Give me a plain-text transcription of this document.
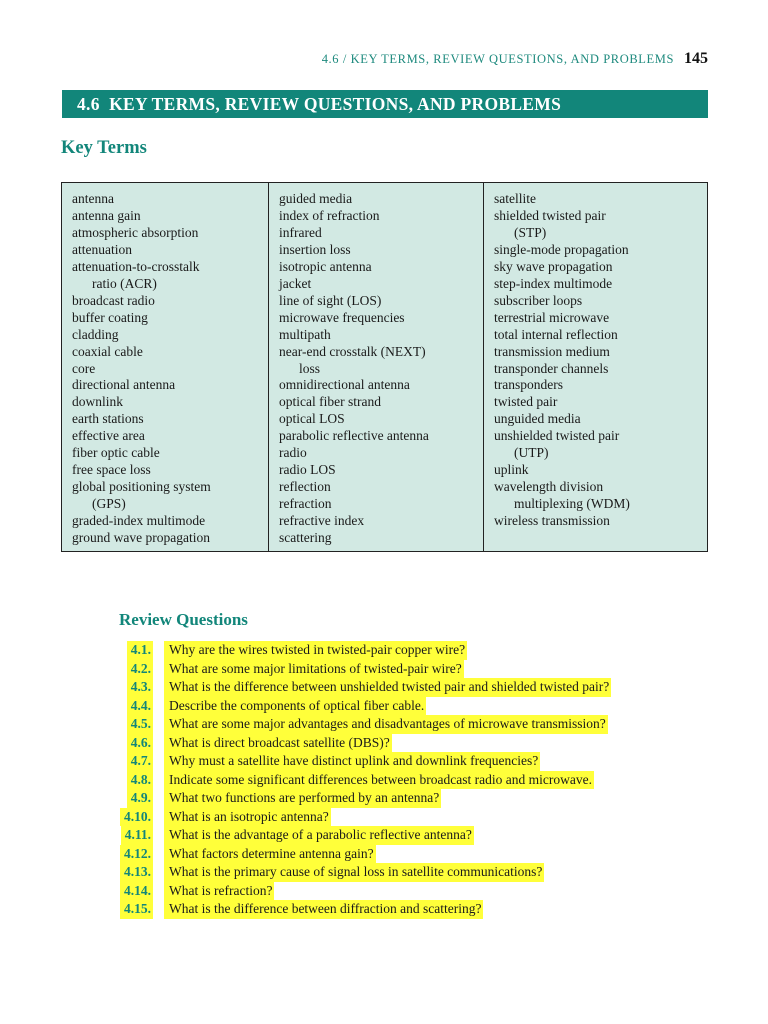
4.6 / KEY TERMS, REVIEW QUESTIONS, AND PROBLEMS 145
4.6  KEY TERMS, REVIEW QUESTIONS, AND PROBLEMS
Key Terms
antenna
antenna gain
atmospheric absorption
attenuation
attenuation-to-crosstalk
ratio (ACR)
broadcast radio
buffer coating
cladding
coaxial cable
core
directional antenna
downlink
earth stations
effective area
fiber optic cable
free space loss
global positioning system
(GPS)
graded-index multimode
ground wave propagation
guided media
index of refraction
infrared
insertion loss
isotropic antenna
jacket
line of sight (LOS)
microwave frequencies
multipath
near-end crosstalk (NEXT)
loss
omnidirectional antenna
optical fiber strand
optical LOS
parabolic reflective antenna
radio
radio LOS
reflection
refraction
refractive index
scattering
satellite
shielded twisted pair
(STP)
single-mode propagation
sky wave propagation
step-index multimode
subscriber loops
terrestrial microwave
total internal reflection
transmission medium
transponder channels
transponders
twisted pair
unguided media
unshielded twisted pair
(UTP)
uplink
wavelength division
multiplexing (WDM)
wireless transmission
Review Questions
4.1.	Why are the wires twisted in twisted-pair copper wire?
4.2.	What are some major limitations of twisted-pair wire?
4.3.	What is the difference between unshielded twisted pair and shielded twisted pair?
4.4.	Describe the components of optical fiber cable.
4.5.	What are some major advantages and disadvantages of microwave transmission?
4.6.	What is direct broadcast satellite (DBS)?
4.7.	Why must a satellite have distinct uplink and downlink frequencies?
4.8.	Indicate some significant differences between broadcast radio and microwave.
4.9.	What two functions are performed by an antenna?
4.10.	What is an isotropic antenna?
4.11.	What is the advantage of a parabolic reflective antenna?
4.12.	What factors determine antenna gain?
4.13.	What is the primary cause of signal loss in satellite communications?
4.14.	What is refraction?
4.15.	What is the difference between diffraction and scattering?
